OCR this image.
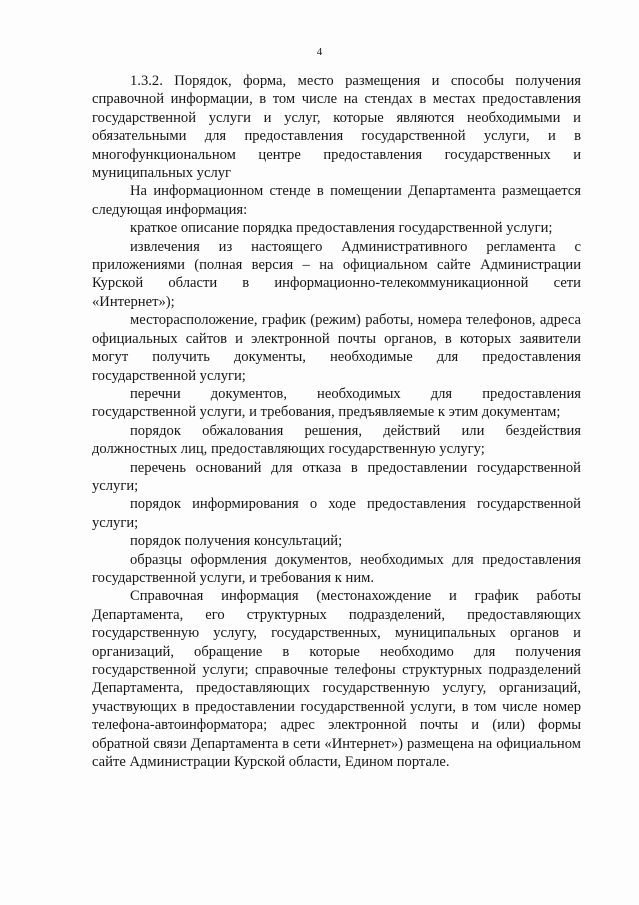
4

1.3.2. Порядок, форма, место размещения и способы получения справочной информации, в том числе на стендах в местах предоставления государственной услуги и услуг, которые являются необходимыми и обязательными для предоставления государственной услуги, и в многофункциональном центре предоставления государственных и муниципальных услуг

На информационном стенде в помещении Департамента размещается следующая информация:

краткое описание порядка предоставления государственной услуги;

извлечения из настоящего Административного регламента с приложениями (полная версия – на официальном сайте Администрации Курской области в информационно-телекоммуникационной сети «Интернет»);

месторасположение, график (режим) работы, номера телефонов, адреса официальных сайтов и электронной почты органов, в которых заявители могут получить документы, необходимые для предоставления государственной услуги;

перечни документов, необходимых для предоставления государственной услуги, и требования, предъявляемые к этим документам;

порядок обжалования решения, действий или бездействия должностных лиц, предоставляющих государственную услугу;

перечень оснований для отказа в предоставлении государственной услуги;

порядок информирования о ходе предоставления государственной услуги;

порядок получения консультаций;

образцы оформления документов, необходимых для предоставления государственной услуги, и требования к ним.

Справочная информация (местонахождение и график работы Департамента, его структурных подразделений, предоставляющих государственную услугу, государственных, муниципальных органов и организаций, обращение в которые необходимо для получения государственной услуги; справочные телефоны структурных подразделений Департамента, предоставляющих государственную услугу, организаций, участвующих в предоставлении государственной услуги, в том числе номер телефона-автоинформатора; адрес электронной почты и (или) формы обратной связи Департамента в сети «Интернет») размещена на официальном сайте Администрации Курской области, Едином портале.
